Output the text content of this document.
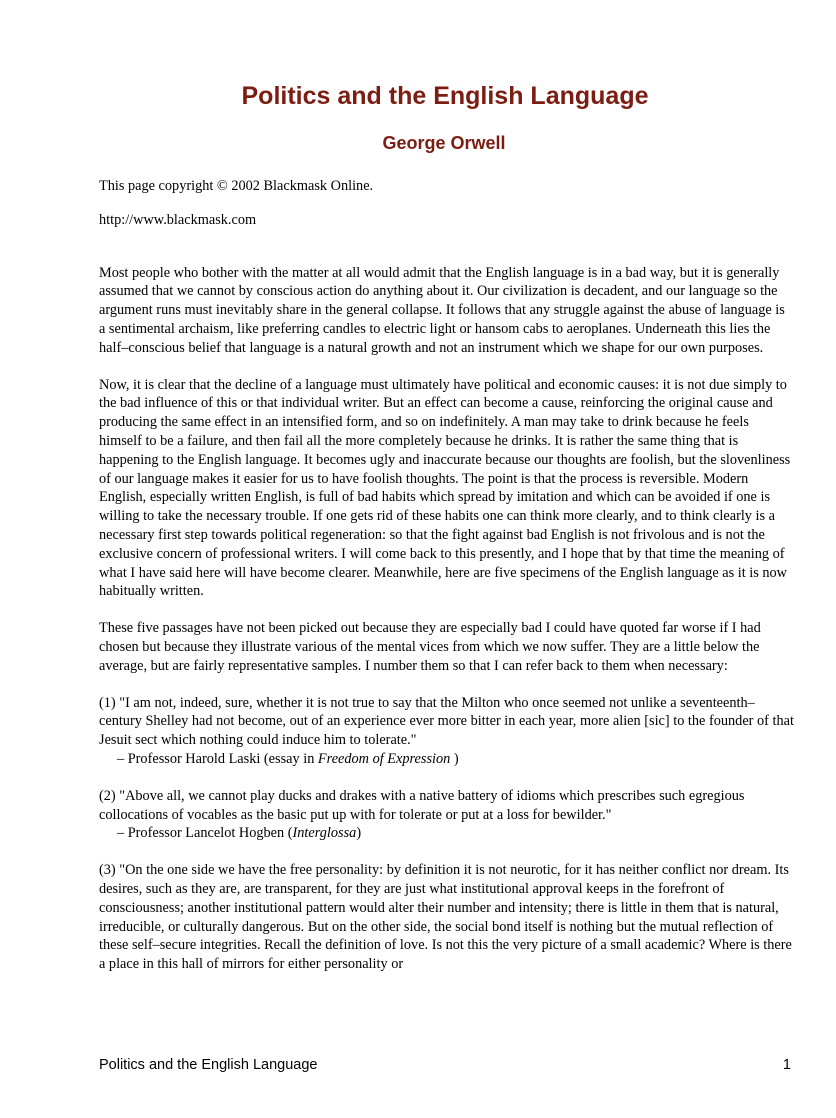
Politics and the English Language
George Orwell

This page copyright © 2002 Blackmask Online.

http://www.blackmask.com

Most people who bother with the matter at all would admit that the English language is in a bad way, but it is generally assumed that we cannot by conscious action do anything about it. Our civilization is decadent, and our language so the argument runs must inevitably share in the general collapse. It follows that any struggle against the abuse of language is a sentimental archaism, like preferring candles to electric light or hansom cabs to aeroplanes. Underneath this lies the half–conscious belief that language is a natural growth and not an instrument which we shape for our own purposes.

Now, it is clear that the decline of a language must ultimately have political and economic causes: it is not due simply to the bad influence of this or that individual writer. But an effect can become a cause, reinforcing the original cause and producing the same effect in an intensified form, and so on indefinitely. A man may take to drink because he feels himself to be a failure, and then fail all the more completely because he drinks. It is rather the same thing that is happening to the English language. It becomes ugly and inaccurate because our thoughts are foolish, but the slovenliness of our language makes it easier for us to have foolish thoughts. The point is that the process is reversible. Modern English, especially written English, is full of bad habits which spread by imitation and which can be avoided if one is willing to take the necessary trouble. If one gets rid of these habits one can think more clearly, and to think clearly is a necessary first step towards political regeneration: so that the fight against bad English is not frivolous and is not the exclusive concern of professional writers. I will come back to this presently, and I hope that by that time the meaning of what I have said here will have become clearer. Meanwhile, here are five specimens of the English language as it is now habitually written.

These five passages have not been picked out because they are especially bad I could have quoted far worse if I had chosen but because they illustrate various of the mental vices from which we now suffer. They are a little below the average, but are fairly representative samples. I number them so that I can refer back to them when necessary:

(1) "I am not, indeed, sure, whether it is not true to say that the Milton who once seemed not unlike a seventeenth–century Shelley had not become, out of an experience ever more bitter in each year, more alien [sic] to the founder of that Jesuit sect which nothing could induce him to tolerate."

– Professor Harold Laski (essay in Freedom of Expression )

(2) "Above all, we cannot play ducks and drakes with a native battery of idioms which prescribes such egregious collocations of vocables as the basic put up with for tolerate or put at a loss for bewilder."

– Professor Lancelot Hogben (Interglossa)

(3) "On the one side we have the free personality: by definition it is not neurotic, for it has neither conflict nor dream. Its desires, such as they are, are transparent, for they are just what institutional approval keeps in the forefront of consciousness; another institutional pattern would alter their number and intensity; there is little in them that is natural, irreducible, or culturally dangerous. But on the other side, the social bond itself is nothing but the mutual reflection of these self–secure integrities. Recall the definition of love. Is not this the very picture of a small academic? Where is there a place in this hall of mirrors for either personality or

Politics and the English Language	1
